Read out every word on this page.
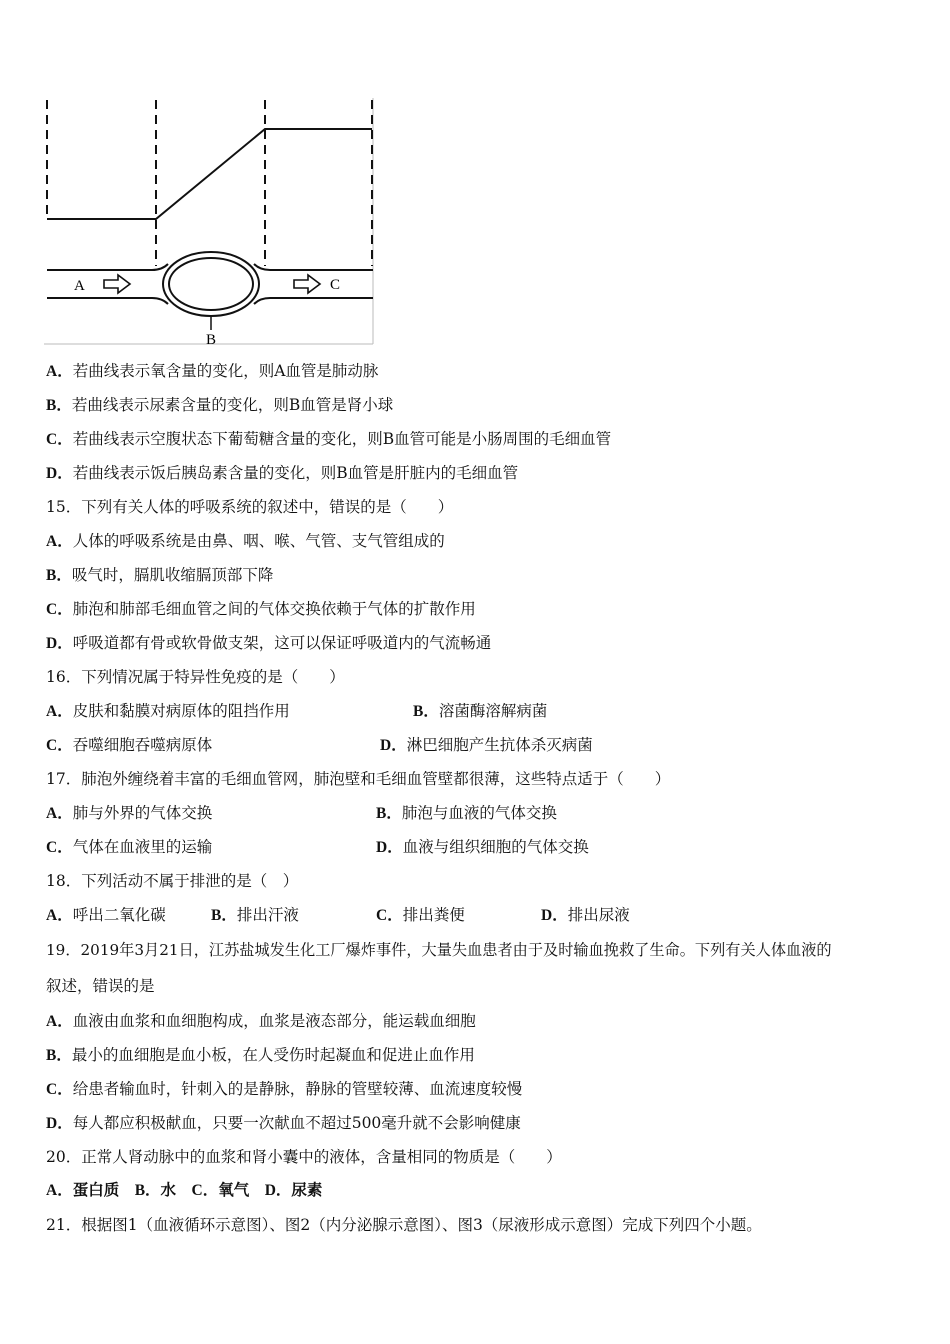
A	C
B
A．若曲线表示氧含量的变化，则A血管是肺动脉
B．若曲线表示尿素含量的变化，则B血管是肾小球
C．若曲线表示空腹状态下葡萄糖含量的变化，则B血管可能是小肠周围的毛细血管
D．若曲线表示饭后胰岛素含量的变化，则B血管是肝脏内的毛细血管
15．下列有关人体的呼吸系统的叙述中，错误的是（　　）
A．人体的呼吸系统是由鼻、咽、喉、气管、支气管组成的
B．吸气时，膈肌收缩膈顶部下降
C．肺泡和肺部毛细血管之间的气体交换依赖于气体的扩散作用
D．呼吸道都有骨或软骨做支架，这可以保证呼吸道内的气流畅通
16．下列情况属于特异性免疫的是（　　）
A．皮肤和黏膜对病原体的阻挡作用	B．溶菌酶溶解病菌
C．吞噬细胞吞噬病原体	D．淋巴细胞产生抗体杀灭病菌
17．肺泡外缠绕着丰富的毛细血管网，肺泡壁和毛细血管壁都很薄，这些特点适于（　　）
A．肺与外界的气体交换	B．肺泡与血液的气体交换
C．气体在血液里的运输	D．血液与组织细胞的气体交换
18．下列活动不属于排泄的是（　）
A．呼出二氧化碳	B．排出汗液	C．排出粪便	D．排出尿液
19．2019年3月21日，江苏盐城发生化工厂爆炸事件，大量失血患者由于及时输血挽救了生命。下列有关人体血液的
叙述，错误的是
A．血液由血浆和血细胞构成，血浆是液态部分，能运载血细胞
B．最小的血细胞是血小板，在人受伤时起凝血和促进止血作用
C．给患者输血时，针刺入的是静脉，静脉的管壁较薄、血流速度较慢
D．每人都应积极献血，只要一次献血不超过500毫升就不会影响健康
20．正常人肾动脉中的血浆和肾小囊中的液体，含量相同的物质是（　　）
A．蛋白质　B．水　C．氧气　D．尿素
21．根据图1（血液循环示意图）、图2（内分泌腺示意图）、图3（尿液形成示意图）完成下列四个小题。
